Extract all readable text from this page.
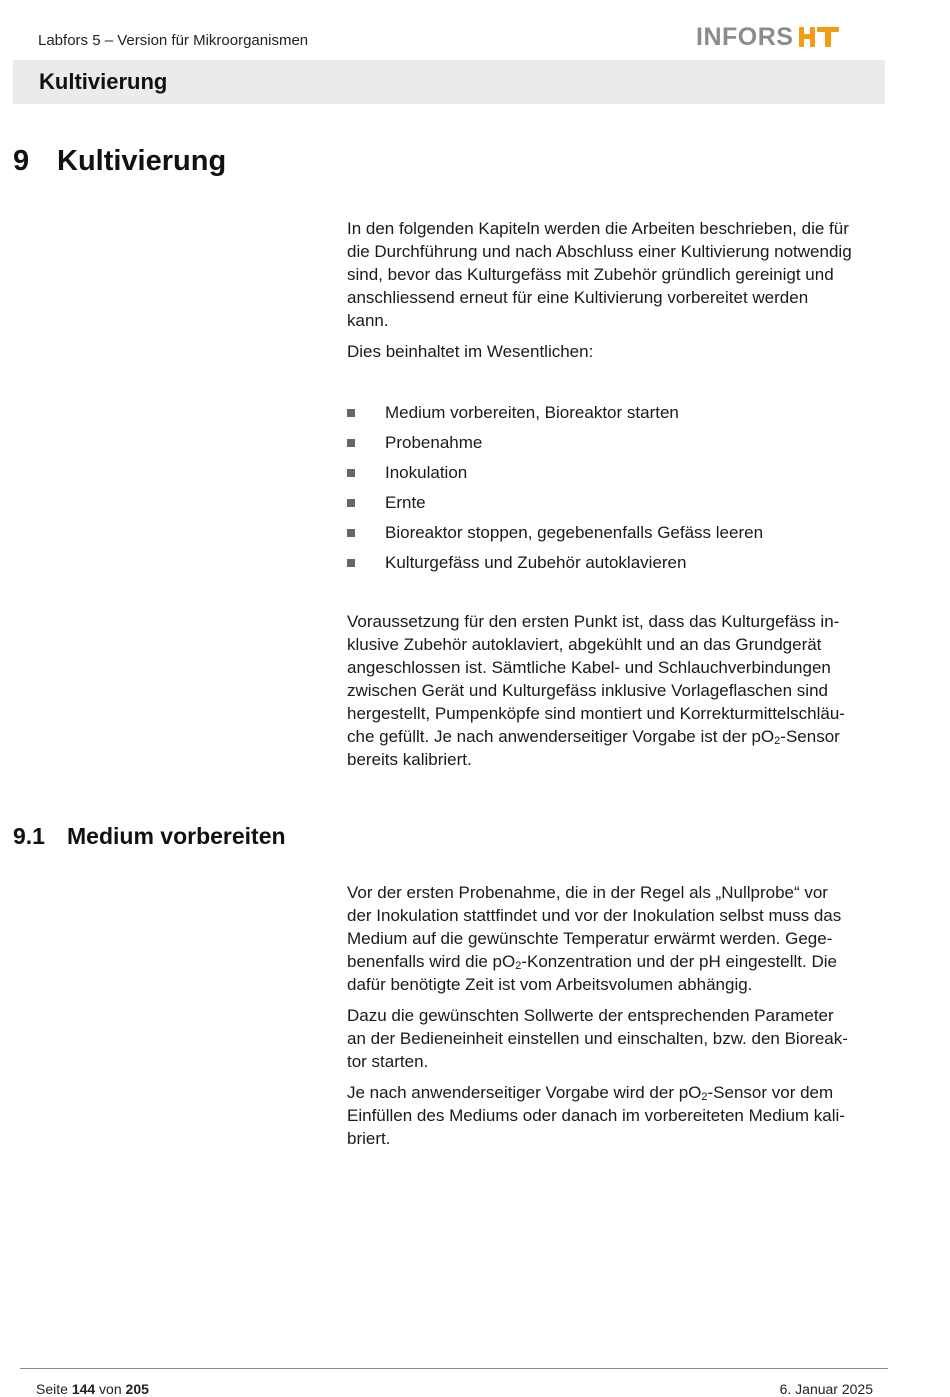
Labfors 5 – Version für Mikroorganismen	INFORS
Kultivierung
9 Kultivierung

In den folgenden Kapiteln werden die Arbeiten beschrieben, die für
die Durchführung und nach Abschluss einer Kultivierung notwendig
sind, bevor das Kulturgefäss mit Zubehör gründlich gereinigt und
anschliessend erneut für eine Kultivierung vorbereitet werden
kann.

Dies beinhaltet im Wesentlichen:

Medium vorbereiten, Bioreaktor starten
Probenahme
Inokulation
Ernte
Bioreaktor stoppen, gegebenenfalls Gefäss leeren
Kulturgefäss und Zubehör autoklavieren

Voraussetzung für den ersten Punkt ist, dass das Kulturgefäss in-
klusive Zubehör autoklaviert, abgekühlt und an das Grundgerät
angeschlossen ist. Sämtliche Kabel- und Schlauchverbindungen
zwischen Gerät und Kulturgefäss inklusive Vorlageflaschen sind
hergestellt, Pumpenköpfe sind montiert und Korrekturmittelschläu-
che gefüllt. Je nach anwenderseitiger Vorgabe ist der $pO_2$-Sensor
bereits kalibriert.

9.1 Medium vorbereiten

Vor der ersten Probenahme, die in der Regel als „Nullprobe“ vor
der Inokulation stattfindet und vor der Inokulation selbst muss das
Medium auf die gewünschte Temperatur erwärmt werden. Gege-
benenfalls wird die $pO_2$-Konzentration und der pH eingestellt. Die
dafür benötigte Zeit ist vom Arbeitsvolumen abhängig.

Dazu die gewünschten Sollwerte der entsprechenden Parameter
an der Bedieneinheit einstellen und einschalten, bzw. den Bioreak-
tor starten.

Je nach anwenderseitiger Vorgabe wird der $pO_2$-Sensor vor dem
Einfüllen des Mediums oder danach im vorbereiteten Medium kali-
briert.

Seite 144 von 205	6. Januar 2025
